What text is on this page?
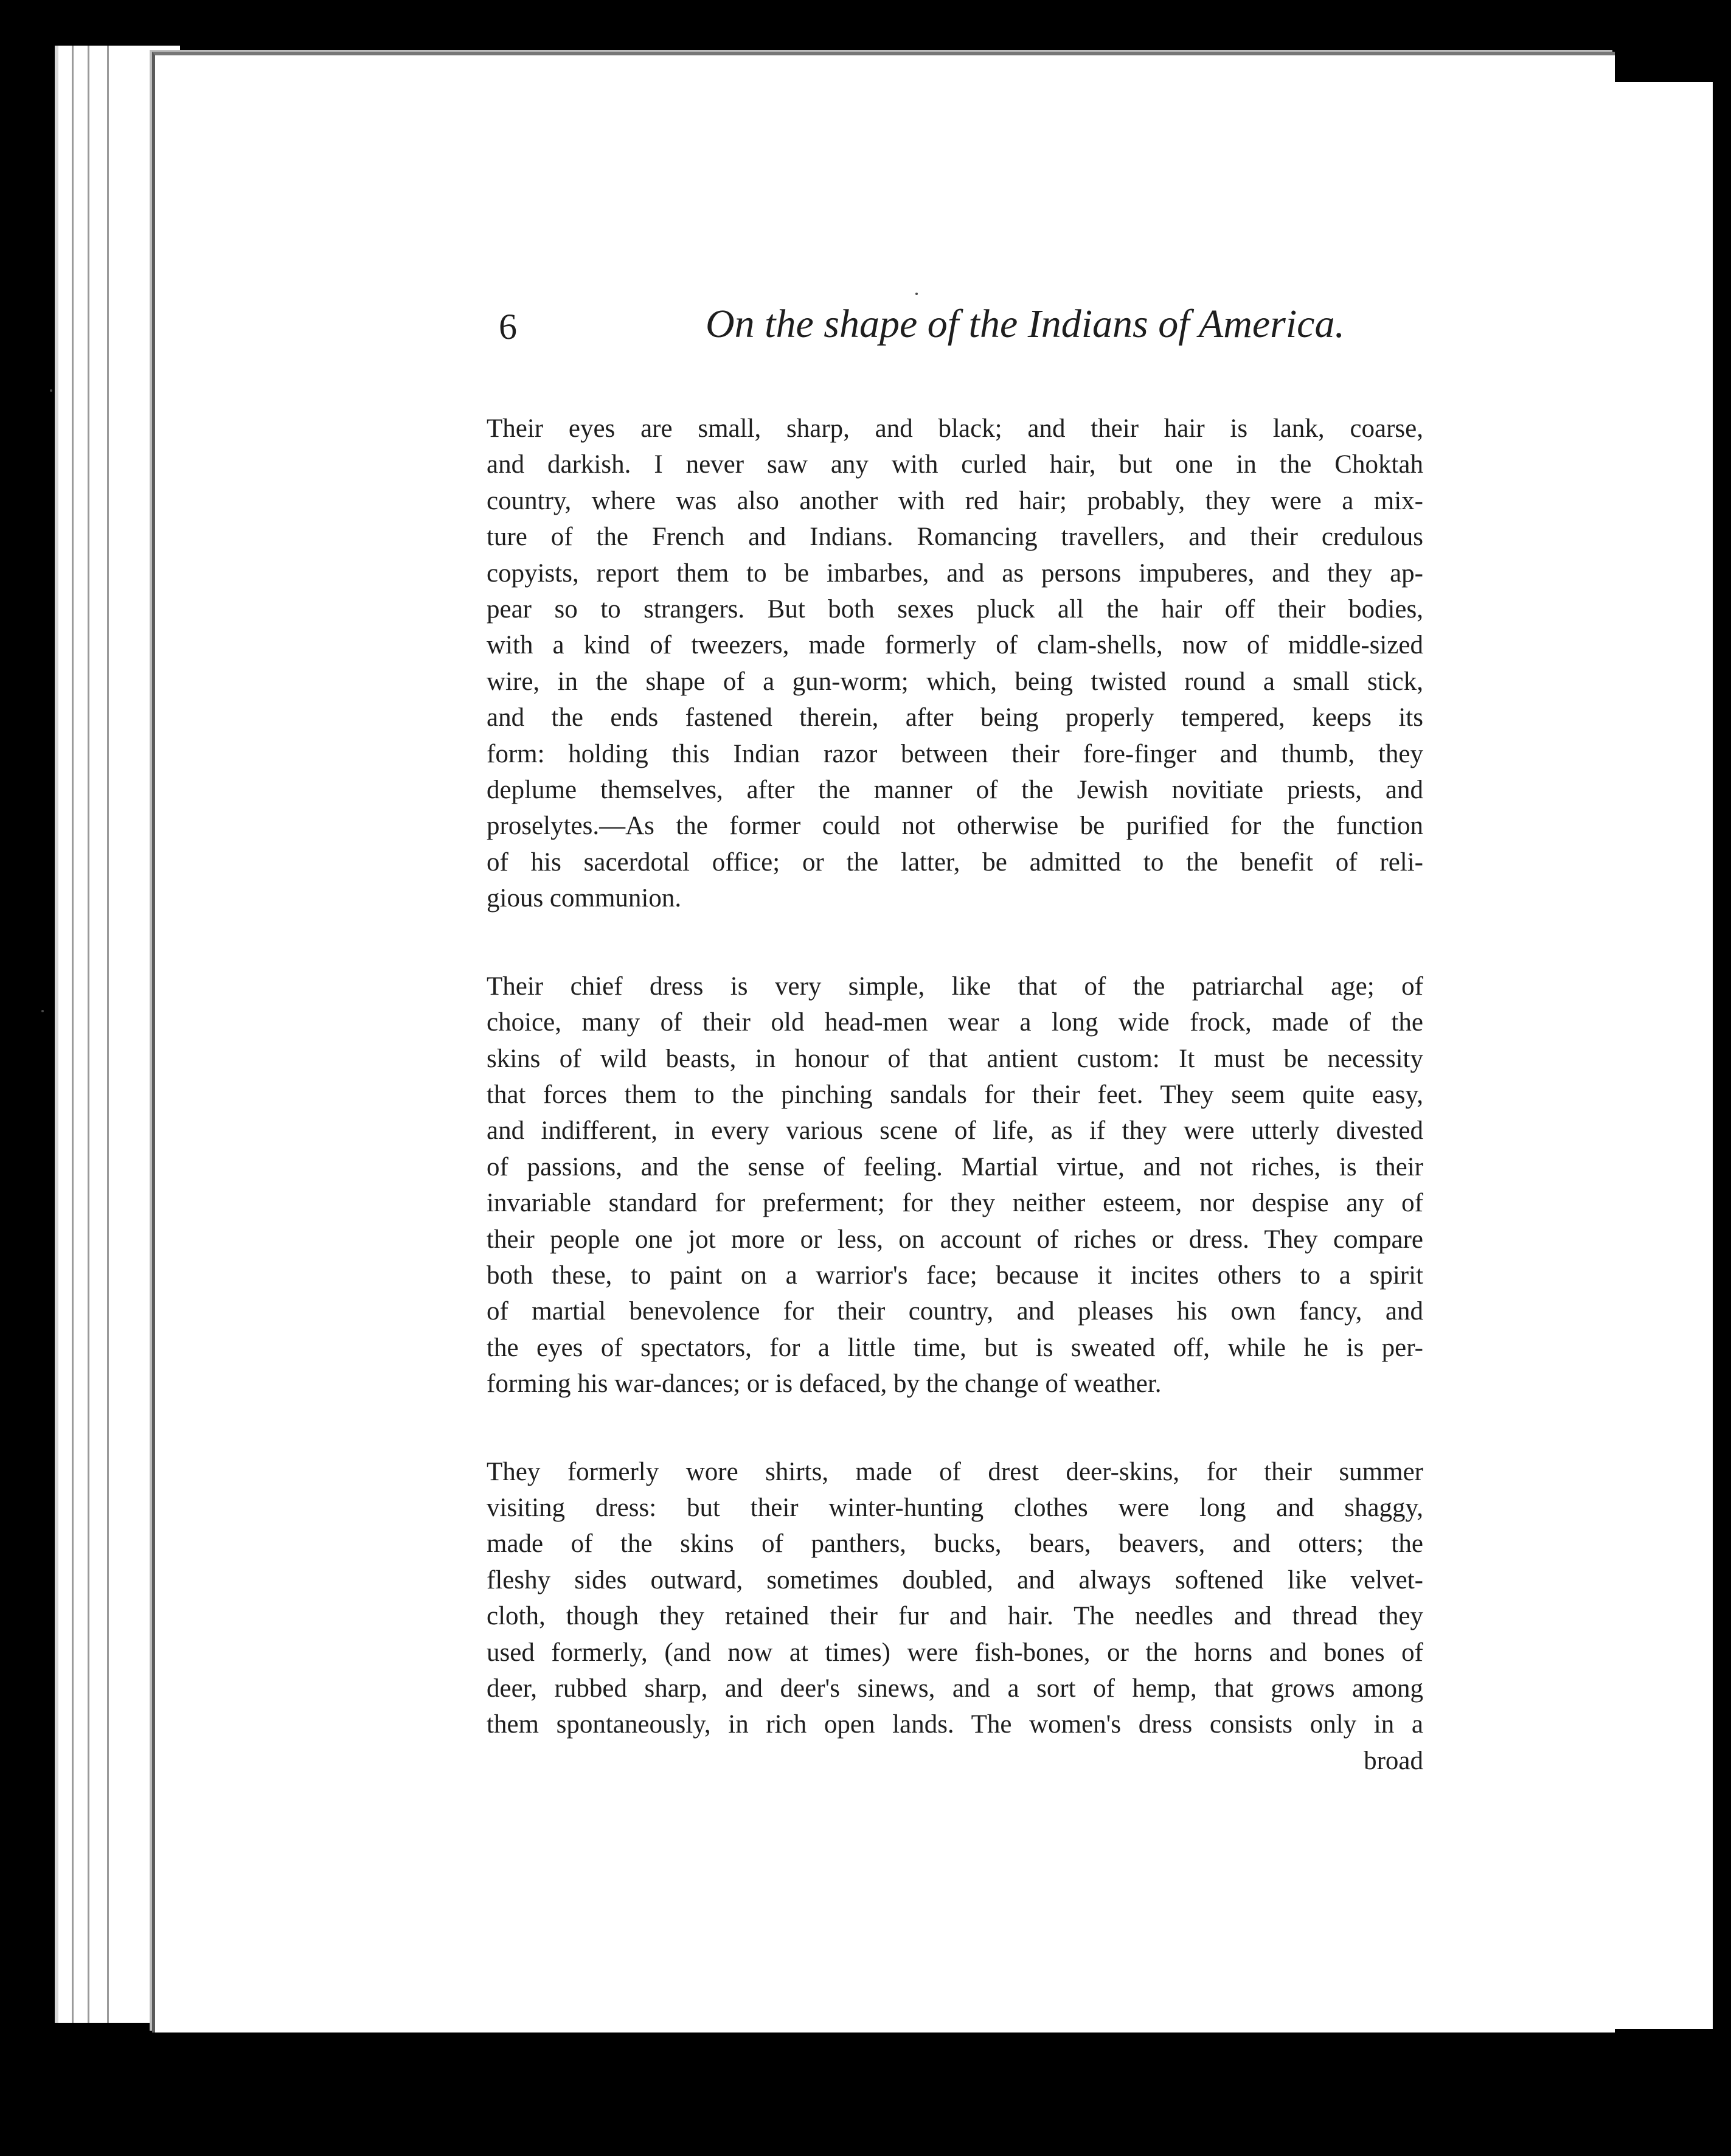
6	On the shape of the Indians of America.
Their eyes are small, sharp, and black; and their hair is lank, coarse,
and darkish. I never saw any with curled hair, but one in the Choktah
country, where was also another with red hair; probably, they were a mix-
ture of the French and Indians. Romancing travellers, and their credulous
copyists, report them to be imbarbes, and as persons impuberes, and they ap-
pear so to strangers. But both sexes pluck all the hair off their bodies,
with a kind of tweezers, made formerly of clam-shells, now of middle-sized
wire, in the shape of a gun-worm; which, being twisted round a small stick,
and the ends fastened therein, after being properly tempered, keeps its
form: holding this Indian razor between their fore-finger and thumb, they
deplume themselves, after the manner of the Jewish novitiate priests, and
proselytes.—As the former could not otherwise be purified for the function
of his sacerdotal office; or the latter, be admitted to the benefit of reli-
gious communion.
Their chief dress is very simple, like that of the patriarchal age; of
choice, many of their old head-men wear a long wide frock, made of the
skins of wild beasts, in honour of that antient custom: It must be necessity
that forces them to the pinching sandals for their feet. They seem quite easy,
and indifferent, in every various scene of life, as if they were utterly divested
of passions, and the sense of feeling. Martial virtue, and not riches, is their
invariable standard for preferment; for they neither esteem, nor despise any of
their people one jot more or less, on account of riches or dress. They compare
both these, to paint on a warrior's face; because it incites others to a spirit
of martial benevolence for their country, and pleases his own fancy, and
the eyes of spectators, for a little time, but is sweated off, while he is per-
forming his war-dances; or is defaced, by the change of weather.
They formerly wore shirts, made of drest deer-skins, for their summer
visiting dress: but their winter-hunting clothes were long and shaggy,
made of the skins of panthers, bucks, bears, beavers, and otters; the
fleshy sides outward, sometimes doubled, and always softened like velvet-
cloth, though they retained their fur and hair. The needles and thread they
used formerly, (and now at times) were fish-bones, or the horns and bones of
deer, rubbed sharp, and deer's sinews, and a sort of hemp, that grows among
them spontaneously, in rich open lands. The women's dress consists only in a
broad
